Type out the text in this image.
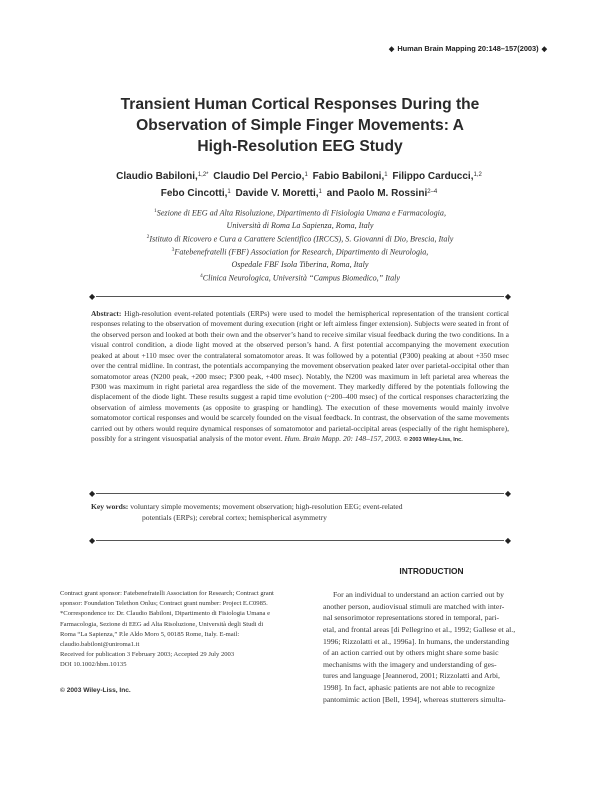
◆ Human Brain Mapping 20:148–157(2003) ◆
Transient Human Cortical Responses During the
Observation of Simple Finger Movements: A
High-Resolution EEG Study
Claudio Babiloni,$^{1,2*}$ Claudio Del Percio,$^1$ Fabio Babiloni,$^1$ Filippo Carducci,$^{1,2}$
Febo Cincotti,$^1$ Davide V. Moretti,$^1$ and Paolo M. Rossini$^{2-4}$
$^1$Sezione di EEG ad Alta Risoluzione, Dipartimento di Fisiologia Umana e Farmacologia,
Università di Roma La Sapienza, Roma, Italy
$^2$Istituto di Ricovero e Cura a Carattere Scientifico (IRCCS), S. Giovanni di Dio, Brescia, Italy
$^3$Fatebenefratelli (FBF) Association for Research, Dipartimento di Neurologia,
Ospedale FBF Isola Tiberina, Roma, Italy
$^4$Clinica Neurologica, Università “Campus Biomedico,” Italy
◆	◆
Abstract: High-resolution event-related potentials (ERPs) were used to model the hemispherical representation of the transient cortical responses relating to the observation of movement during execution (right or left aimless finger extension). Subjects were seated in front of the observed person and looked at both their own and the observer’s hand to receive similar visual feedback during the two conditions. In a visual control condition, a diode light moved at the observed person’s hand. A first potential accompanying the movement execution peaked at about +110 msec over the contralateral somatomotor areas. It was followed by a potential (P300) peaking at about +350 msec over the central midline. In contrast, the potentials accompanying the movement observation peaked later over parietal-occipital other than somatomotor areas (N200 peak, +200 msec; P300 peak, +400 msec). Notably, the N200 was maximum in left parietal area whereas the P300 was maximum in right parietal area regardless the side of the movement. They markedly differed by the potentials following the displacement of the diode light. These results suggest a rapid time evolution (~200–400 msec) of the cortical responses characterizing the observation of aimless movements (as opposite to grasping or handling). The execution of these movements would mainly involve somatomotor cortical responses and would be scarcely founded on the visual feedback. In contrast, the observation of the same movements carried out by others would require dynamical responses of somatomotor and parietal-occipital areas (especially of the right hemisphere), possibly for a stringent visuospatial analysis of the motor event. Hum. Brain Mapp. 20: 148–157, 2003. © 2003 Wiley-Liss, Inc.
◆	◆
Key words: voluntary simple movements; movement observation; high-resolution EEG; event-related
potentials (ERPs); cerebral cortex; hemispherical asymmetry
◆	◆

Contract grant sponsor: Fatebenefratelli Association for Research; Contract grant sponsor: Foundation Telethon Onlus; Contract grant number: Project E.C0985.

*Correspondence to: Dr. Claudio Babiloni, Dipartimento di Fisiologia Umana e Farmacologia, Sezione di EEG ad Alta Risoluzione, Università degli Studi di Roma “La Sapienza,” P.le Aldo Moro 5, 00185 Rome, Italy. E-mail: claudio.babiloni@uniroma1.it

Received for publication 3 February 2003; Accepted 29 July 2003

DOI 10.1002/hbm.10135

© 2003 Wiley-Liss, Inc.
INTRODUCTION
For an individual to understand an action carried out by
another person, audiovisual stimuli are matched with inter-
nal sensorimotor representations stored in temporal, pari-
etal, and frontal areas [di Pellegrino et al., 1992; Gallese et al.,
1996; Rizzolatti et al., 1996a]. In humans, the understanding
of an action carried out by others might share some basic
mechanisms with the imagery and understanding of ges-
tures and language [Jeannerod, 2001; Rizzolatti and Arbi,
1998]. In fact, aphasic patients are not able to recognize
pantomimic action [Bell, 1994], whereas stutterers simulta-
